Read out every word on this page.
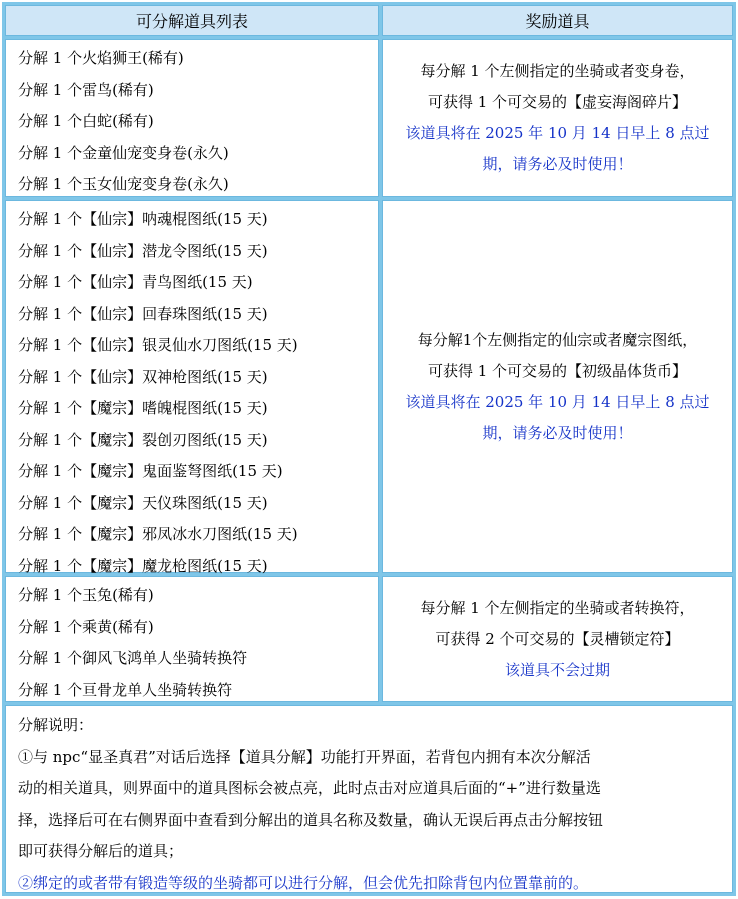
可分解道具列表	奖励道具
分解 1 个火焰狮王(稀有)
分解 1 个雷鸟(稀有)
分解 1 个白蛇(稀有)
分解 1 个金童仙宠变身卷(永久)
分解 1 个玉女仙宠变身卷(永久)
每分解 1 个左侧指定的坐骑或者变身卷，
可获得 1 个可交易的【虚妄海阁碎片】
该道具将在 2025 年 10 月 14 日早上 8 点过
期，请务必及时使用！
分解 1 个【仙宗】呐魂棍图纸(15 天)
分解 1 个【仙宗】潜龙令图纸(15 天)
分解 1 个【仙宗】青鸟图纸(15 天)
分解 1 个【仙宗】回春珠图纸(15 天)
分解 1 个【仙宗】银灵仙水刀图纸(15 天)
分解 1 个【仙宗】双神枪图纸(15 天)
分解 1 个【魔宗】嗜魄棍图纸(15 天)
分解 1 个【魔宗】裂创刃图纸(15 天)
分解 1 个【魔宗】鬼面鉴弩图纸(15 天)
分解 1 个【魔宗】天仪珠图纸(15 天)
分解 1 个【魔宗】邪凤冰水刀图纸(15 天)
分解 1 个【魔宗】魔龙枪图纸(15 天)
每分解1个左侧指定的仙宗或者魔宗图纸，
可获得 1 个可交易的【初级晶体货币】
该道具将在 2025 年 10 月 14 日早上 8 点过
期，请务必及时使用！
分解 1 个玉兔(稀有)
分解 1 个乘黄(稀有)
分解 1 个御风飞鸿单人坐骑转换符
分解 1 个亘骨龙单人坐骑转换符
每分解 1 个左侧指定的坐骑或者转换符，
可获得 2 个可交易的【灵槽锁定符】
该道具不会过期
分解说明：
①与 npc“显圣真君”对话后选择【道具分解】功能打开界面，若背包内拥有本次分解活
动的相关道具，则界面中的道具图标会被点亮，此时点击对应道具后面的“+”进行数量选
择，选择后可在右侧界面中查看到分解出的道具名称及数量，确认无误后再点击分解按钮
即可获得分解后的道具；
②绑定的或者带有锻造等级的坐骑都可以进行分解，但会优先扣除背包内位置靠前的。
